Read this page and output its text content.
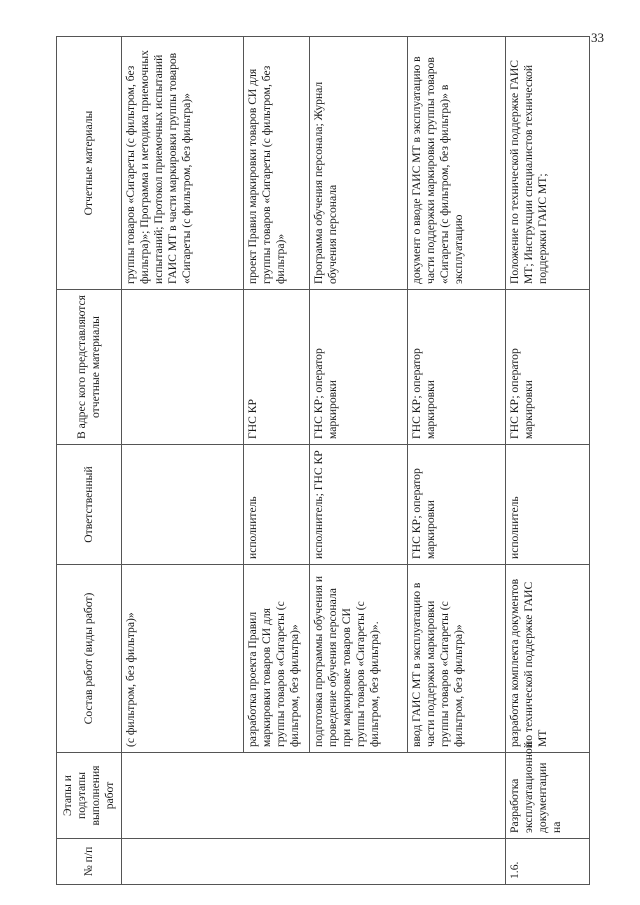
33
№ п/п	Этапы и подэтапы выполнения работ	Состав работ (виды работ)	Ответственный	В адрес кого представляются отчетные материалы	Отчетные материалы
		(с фильтром, без фильтра)»			группы товаров «Сигареты (с фильтром, без фильтра)»; Программа и методика приемочных испытаний; Протокол приемочных испытаний ГАИС МТ в части маркировки группы товаров «Сигареты (с фильтром, без фильтра)»
		разработка проекта Правил маркировки товаров СИ для группы товаров «Сигареты (с фильтром, без фильтра)»	исполнитель	ГНС КР	проект Правил маркировки товаров СИ для группы товаров «Сигареты (с фильтром, без фильтра)»
		подготовка программы обучения и проведение обучения персонала при маркировке товаров СИ группы товаров «Сигареты (с фильтром, без фильтра)».	исполнитель; ГНС КР	ГНС КР; оператор маркировки	Программа обучения персонала; Журнал обучения персонала
		ввод ГАИС МТ в эксплуатацию в части поддержки маркировки группы товаров «Сигареты (с фильтром, без фильтра)»	ГНС КР; оператор маркировки	ГНС КР; оператор маркировки	документ о вводе ГАИС МТ в эксплуатацию в части поддержки маркировки группы товаров «Сигареты (с фильтром, без фильтра)» в эксплуатацию
1.6.	Разработка эксплуатационной документации на	разработка комплекта документов по технической поддержке ГАИС МТ	исполнитель	ГНС КР; оператор маркировки	Положение по технической поддержке ГАИС МТ; Инструкции специалистов технической поддержки ГАИС МТ;
